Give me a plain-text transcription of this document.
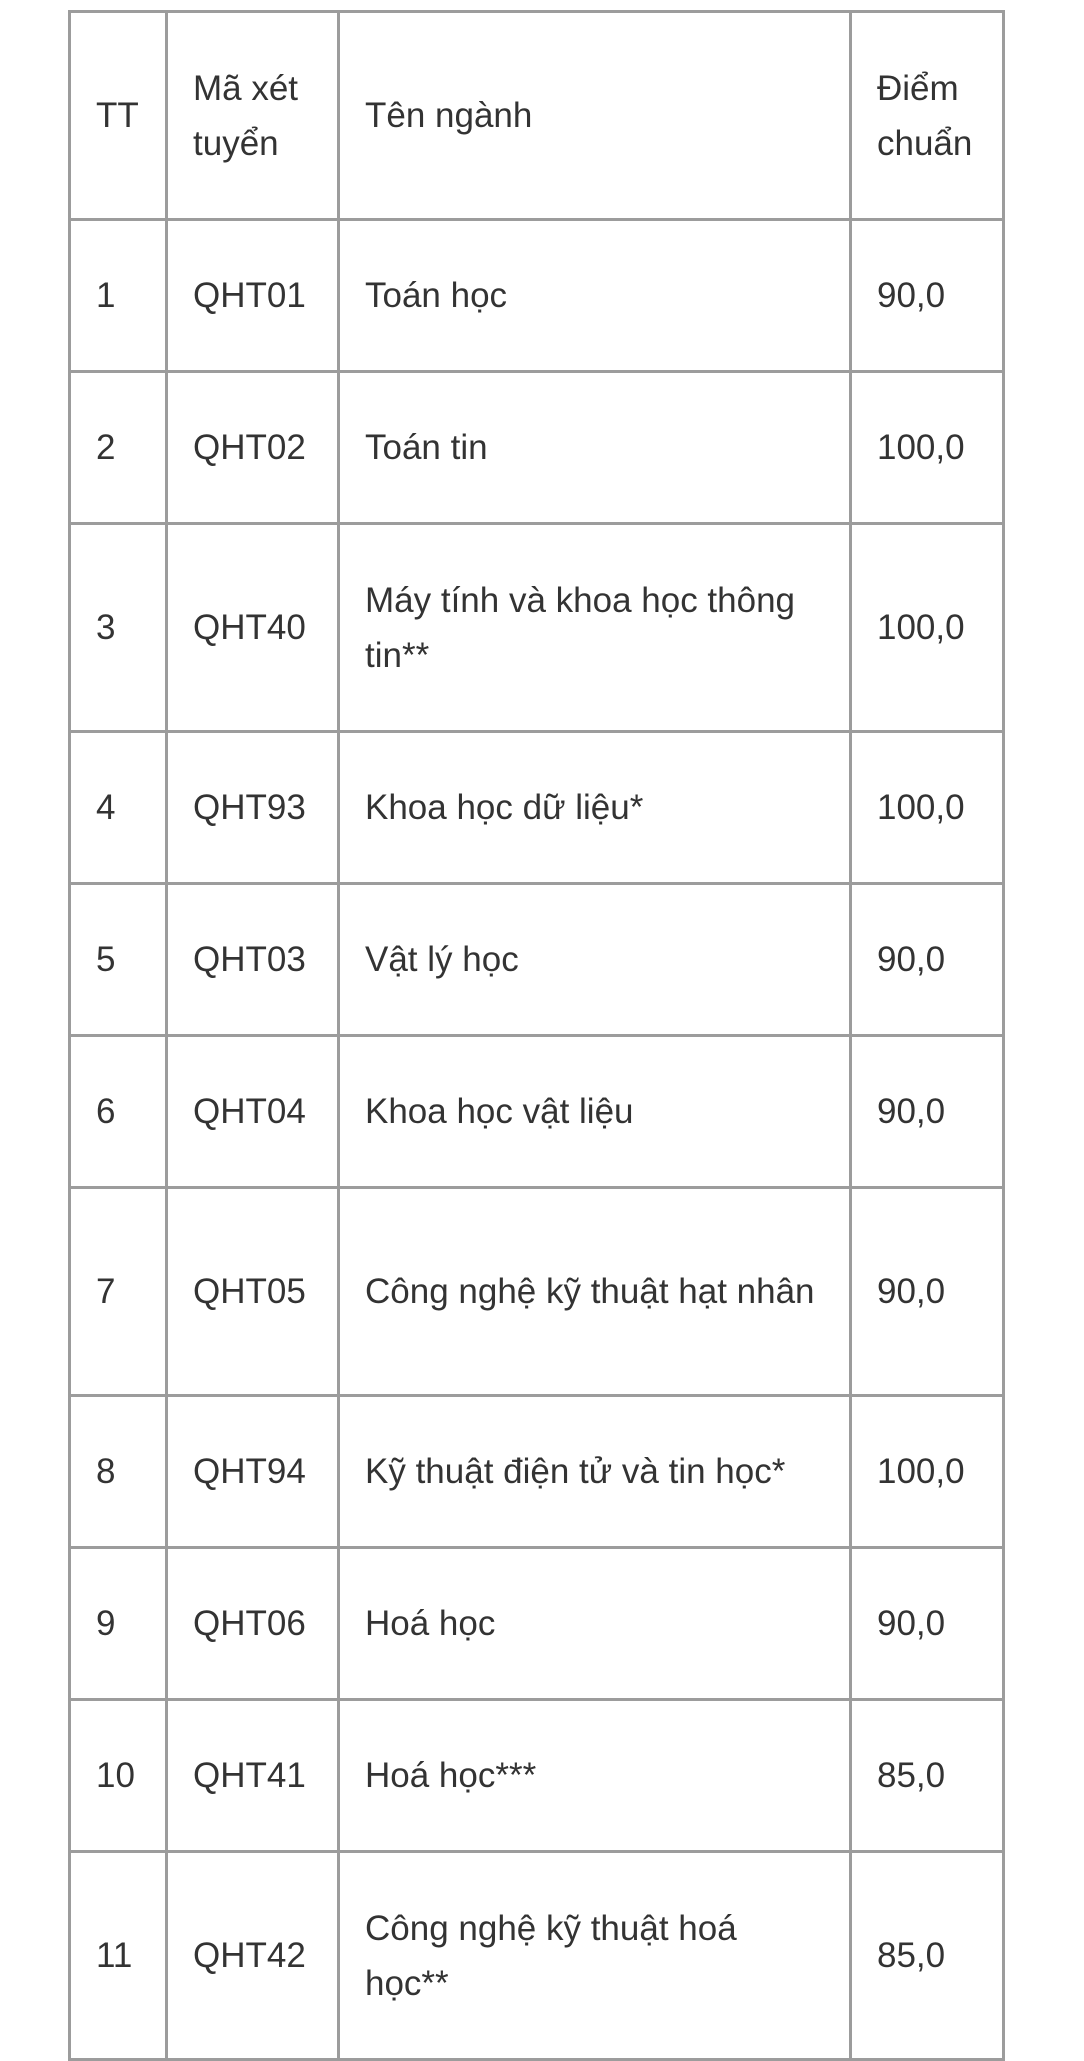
TT	Mã xét tuyển	Tên ngành	Điểm chuẩn
1	QHT01	Toán học	90,0
2	QHT02	Toán tin	100,0
3	QHT40	Máy tính và khoa học thông tin**	100,0
4	QHT93	Khoa học dữ liệu*	100,0
5	QHT03	Vật lý học	90,0
6	QHT04	Khoa học vật liệu	90,0
7	QHT05	Công nghệ kỹ thuật hạt nhân	90,0
8	QHT94	Kỹ thuật điện tử và tin học*	100,0
9	QHT06	Hoá học	90,0
10	QHT41	Hoá học***	85,0
11	QHT42	Công nghệ kỹ thuật hoá học**	85,0
